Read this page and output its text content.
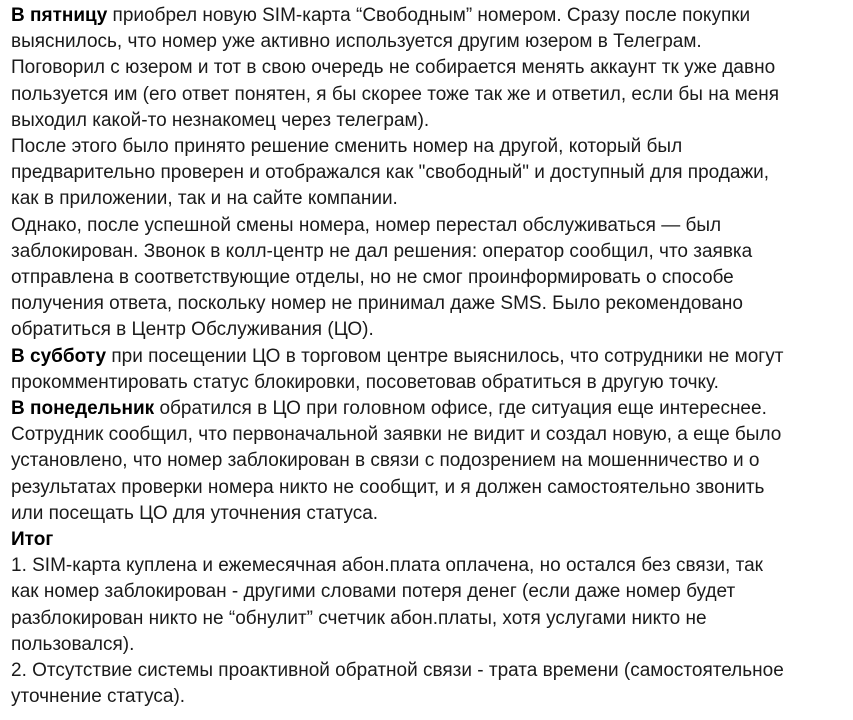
В пятницу приобрел новую SIM-карта “Свободным” номером. Сразу после покупки

выяснилось, что номер уже активно используется другим юзером в Телеграм.

Поговорил с юзером и тот в свою очередь не собирается менять аккаунт тк уже давно

пользуется им (его ответ понятен, я бы скорее тоже так же и ответил, если бы на меня

выходил какой-то незнакомец через телеграм).

После этого было принято решение сменить номер на другой, который был

предварительно проверен и отображался как "свободный" и доступный для продажи,

как в приложении, так и на сайте компании.

Однако, после успешной смены номера, номер перестал обслуживаться — был

заблокирован. Звонок в колл-центр не дал решения: оператор сообщил, что заявка

отправлена в соответствующие отделы, но не смог проинформировать о способе

получения ответа, поскольку номер не принимал даже SMS. Было рекомендовано

обратиться в Центр Обслуживания (ЦО).

В субботу при посещении ЦО в торговом центре выяснилось, что сотрудники не могут

прокомментировать статус блокировки, посоветовав обратиться в другую точку.

В понедельник обратился в ЦО при головном офисе, где ситуация еще интереснее.

Сотрудник сообщил, что первоначальной заявки не видит и создал новую, а еще было

установлено, что номер заблокирован в связи с подозрением на мошенничество и о

результатах проверки номера никто не сообщит, и я должен самостоятельно звонить

или посещать ЦО для уточнения статуса.

Итог

1. SIM-карта куплена и ежемесячная абон.плата оплачена, но остался без связи, так

как номер заблокирован - другими словами потеря денег (если даже номер будет

разблокирован никто не “обнулит” счетчик абон.платы, хотя услугами никто не

пользовался).

2. Отсутствие системы проактивной обратной связи - трата времени (самостоятельное

уточнение статуса).
